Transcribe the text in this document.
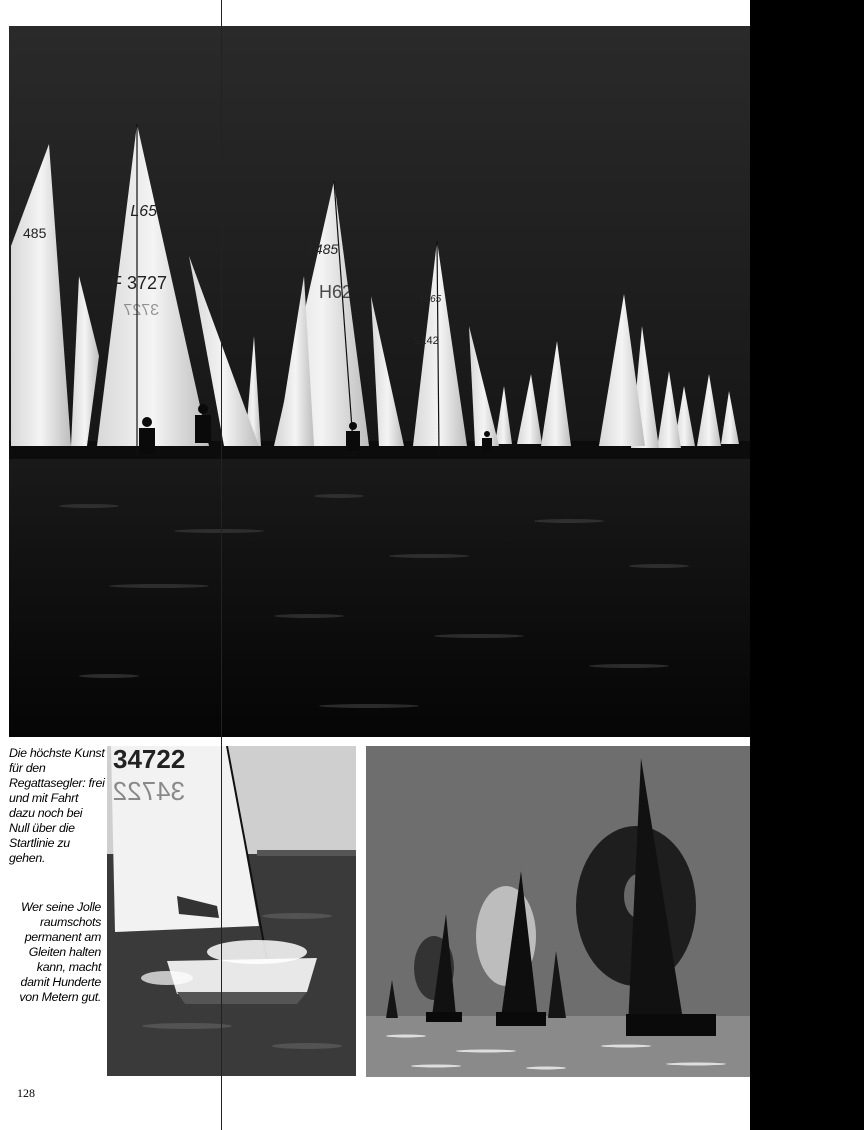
485
ƒ L65
F 3727
3727
ƒ485
H62	ƒL65
S142
34722
34722
Die höchste Kunst für den Regattasegler: frei und mit Fahrt dazu noch bei Null über die Startlinie zu gehen.
Wer seine Jolle raumschots permanent am Gleiten halten kann, macht damit Hunderte von Metern gut.
128
